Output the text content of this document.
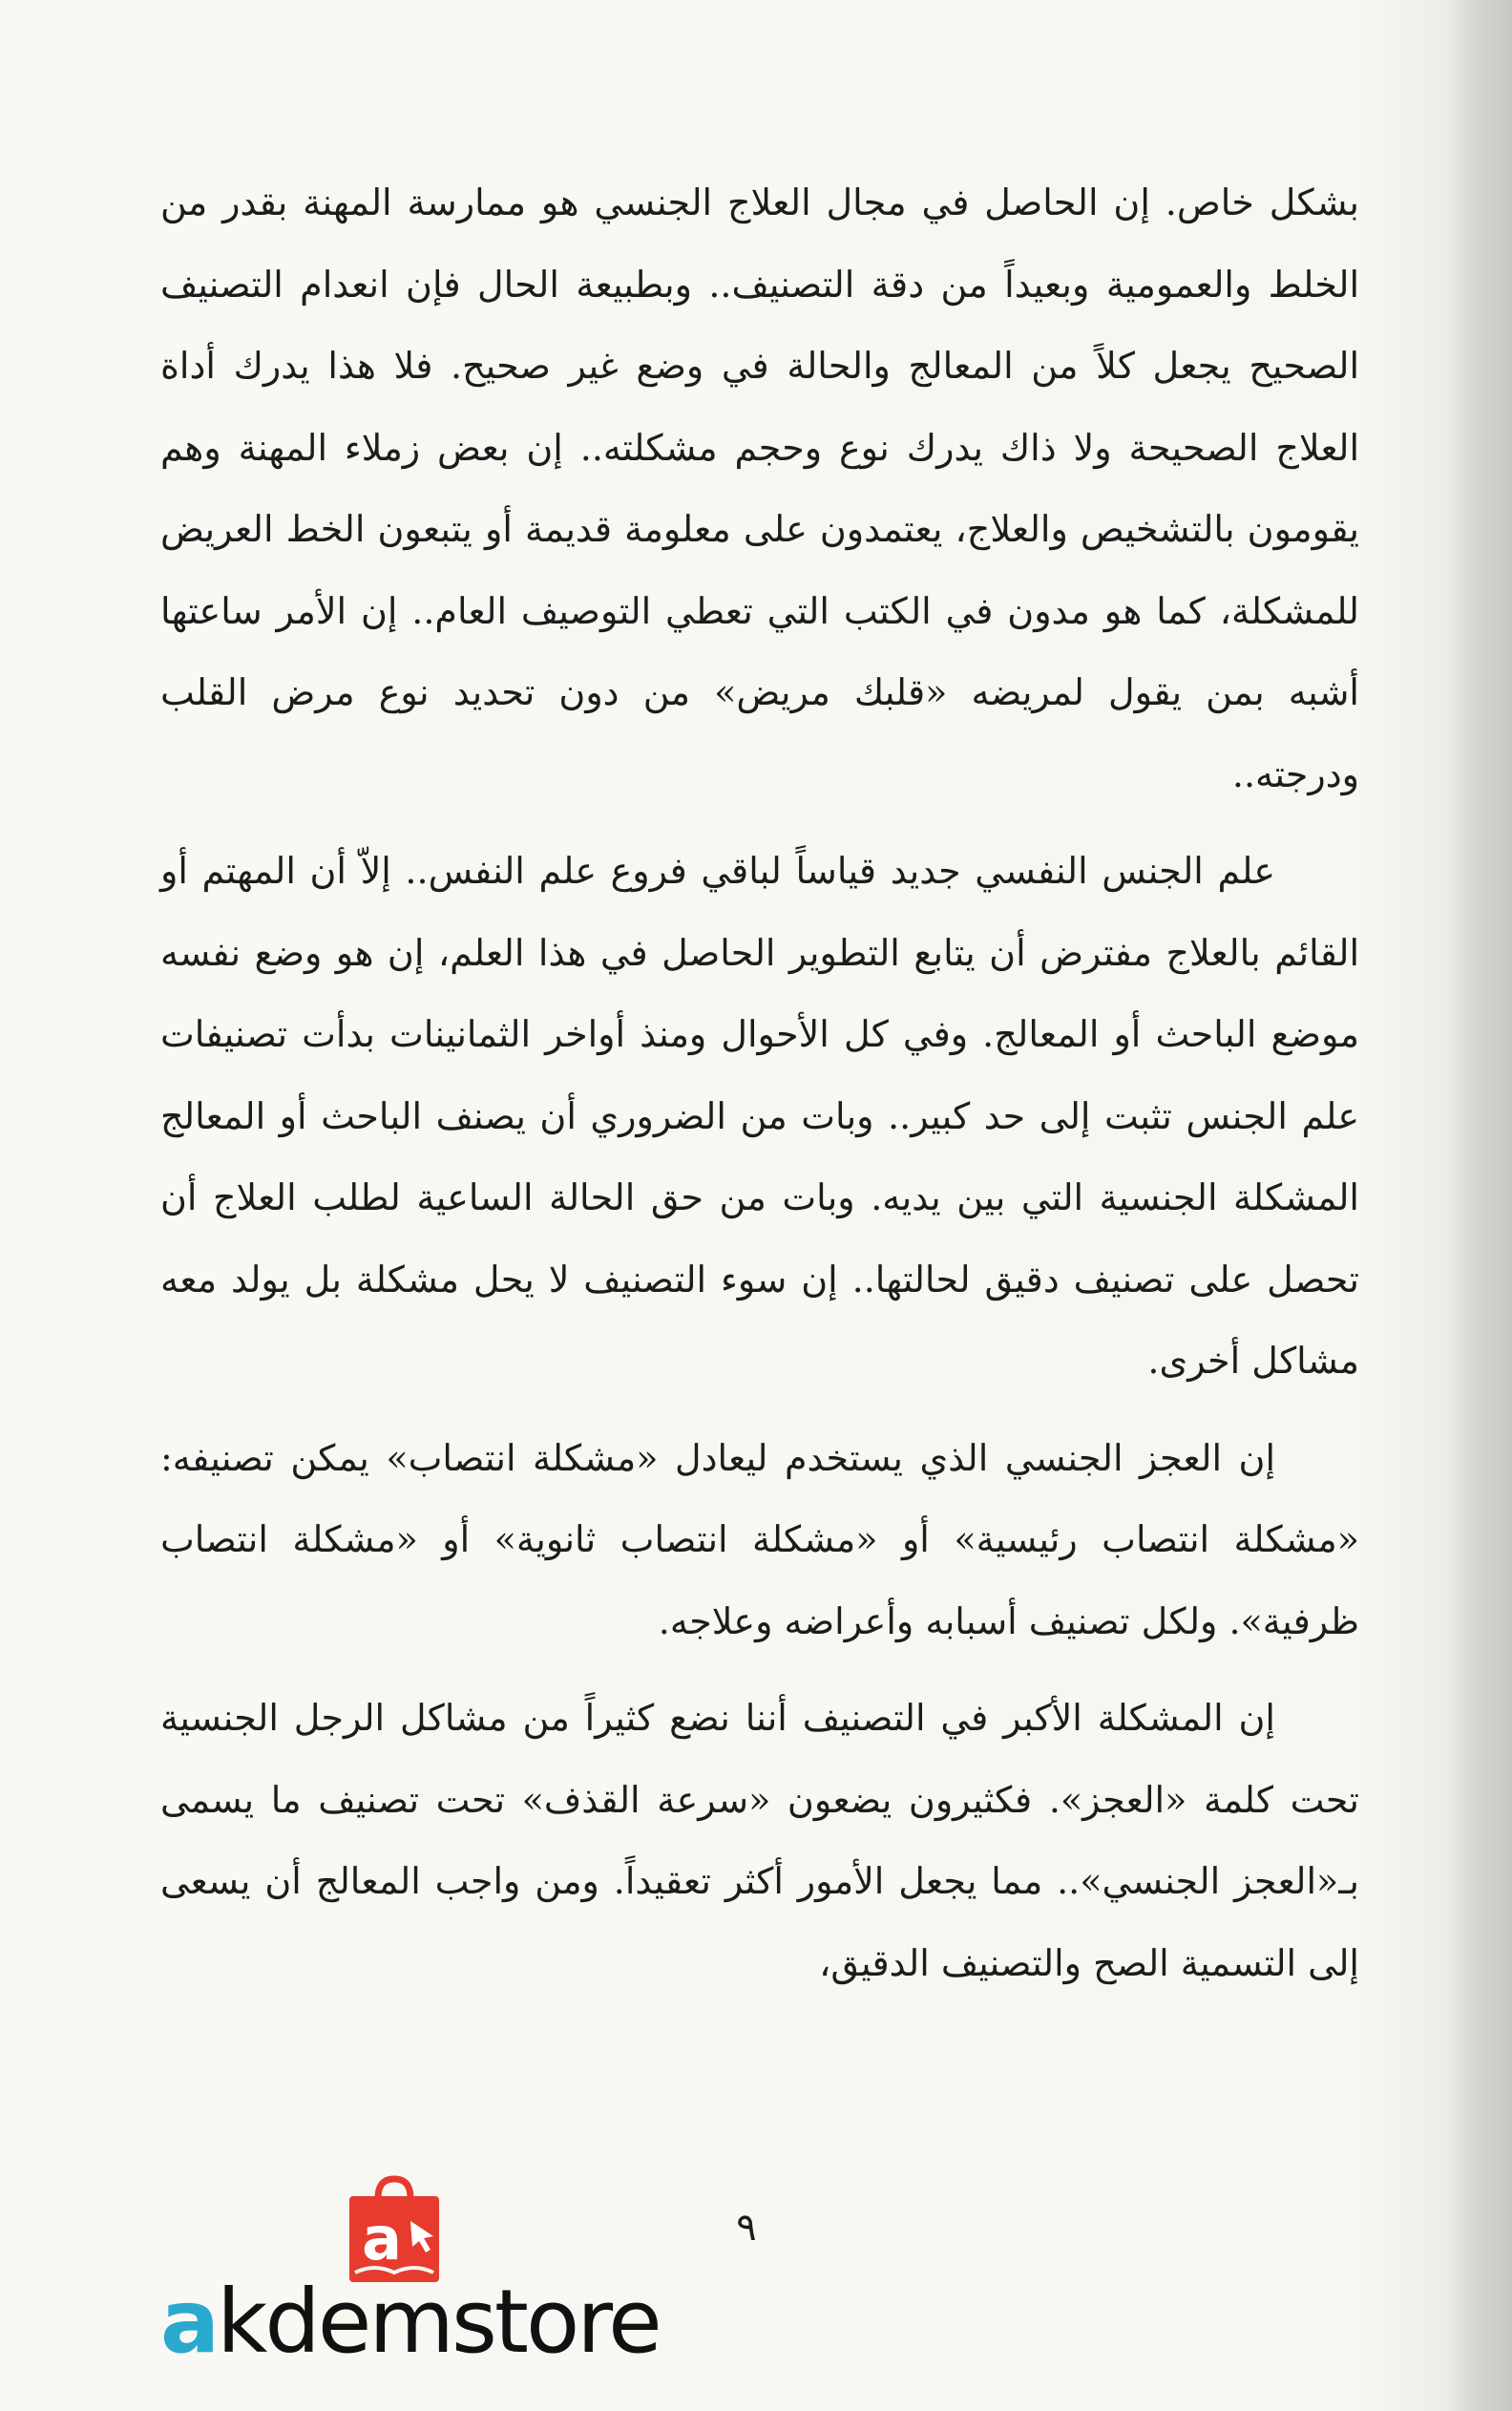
بشكل خاص. إن الحاصل في مجال العلاج الجنسي هو ممارسة المهنة بقدر من الخلط والعمومية وبعيداً من دقة التصنيف.. وبطبيعة الحال فإن انعدام التصنيف الصحيح يجعل كلاً من المعالج والحالة في وضع غير صحيح. فلا هذا يدرك أداة العلاج الصحيحة ولا ذاك يدرك نوع وحجم مشكلته.. إن بعض زملاء المهنة وهم يقومون بالتشخيص والعلاج، يعتمدون على معلومة قديمة أو يتبعون الخط العريض للمشكلة، كما هو مدون في الكتب التي تعطي التوصيف العام.. إن الأمر ساعتها أشبه بمن يقول لمريضه «قلبك مريض» من دون تحديد نوع مرض القلب ودرجته..

علم الجنس النفسي جديد قياساً لباقي فروع علم النفس.. إلاّ أن المهتم أو القائم بالعلاج مفترض أن يتابع التطوير الحاصل في هذا العلم، إن هو وضع نفسه موضع الباحث أو المعالج. وفي كل الأحوال ومنذ أواخر الثمانينات بدأت تصنيفات علم الجنس تثبت إلى حد كبير.. وبات من الضروري أن يصنف الباحث أو المعالج المشكلة الجنسية التي بين يديه. وبات من حق الحالة الساعية لطلب العلاج أن تحصل على تصنيف دقيق لحالتها.. إن سوء التصنيف لا يحل مشكلة بل يولد معه مشاكل أخرى.

إن العجز الجنسي الذي يستخدم ليعادل «مشكلة انتصاب» يمكن تصنيفه: «مشكلة انتصاب رئيسية» أو «مشكلة انتصاب ثانوية» أو «مشكلة انتصاب ظرفية». ولكل تصنيف أسبابه وأعراضه وعلاجه.

إن المشكلة الأكبر في التصنيف أننا نضع كثيراً من مشاكل الرجل الجنسية تحت كلمة «العجز». فكثيرون يضعون «سرعة القذف» تحت تصنيف ما يسمى بـ«العجز الجنسي».. مما يجعل الأمور أكثر تعقيداً. ومن واجب المعالج أن يسعى إلى التسمية الصح والتصنيف الدقيق،

٩
a
akdemstore
